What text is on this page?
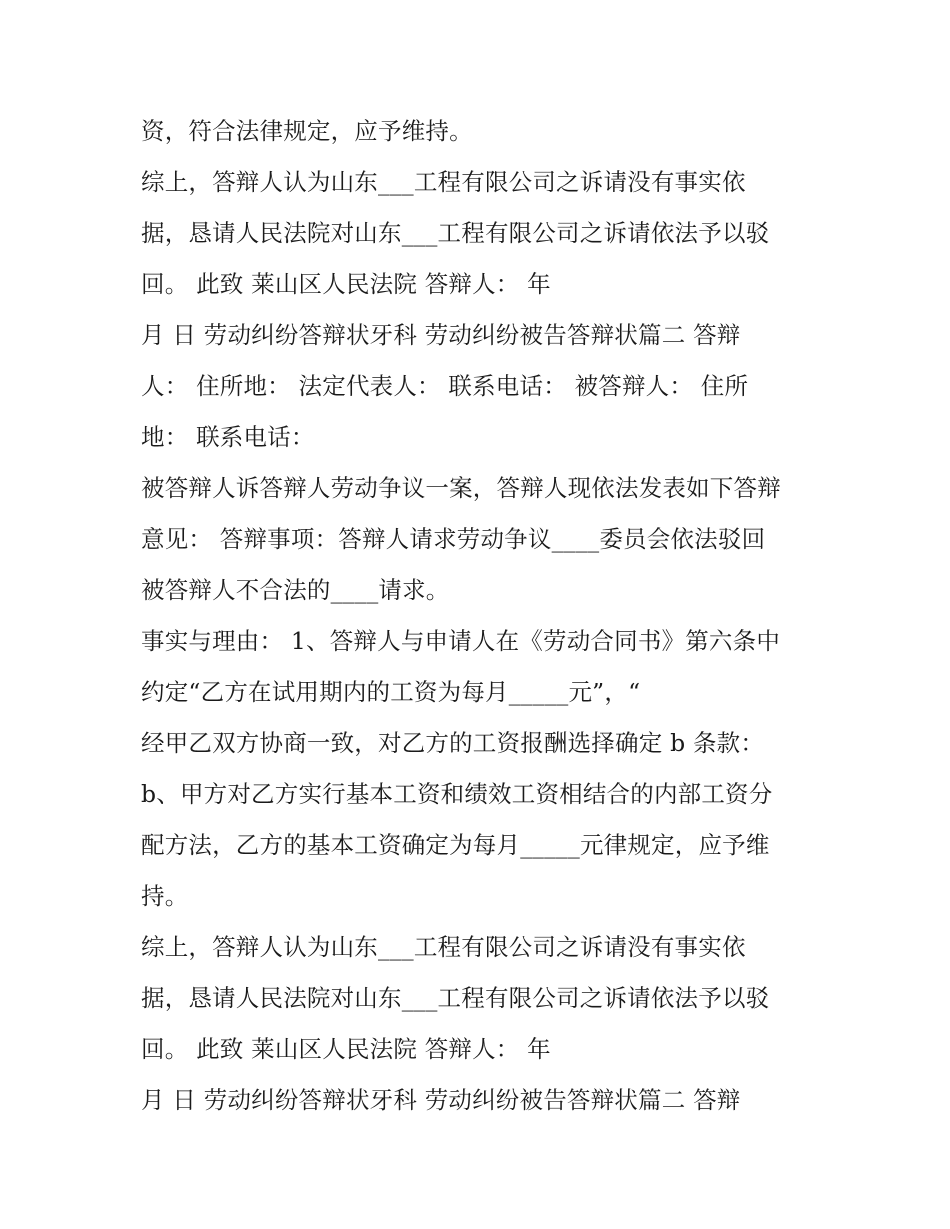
资，符合法律规定，应予维持。
综上，答辩人认为山东___工程有限公司之诉请没有事实依
据，恳请人民法院对山东___工程有限公司之诉请依法予以驳
回。 此致 莱山区人民法院 答辩人： 年
月 日 劳动纠纷答辩状牙科 劳动纠纷被告答辩状篇二 答辩
人： 住所地： 法定代表人： 联系电话： 被答辩人： 住所
地： 联系电话：
被答辩人诉答辩人劳动争议一案，答辩人现依法发表如下答辩
意见： 答辩事项：答辩人请求劳动争议____委员会依法驳回
被答辩人不合法的____请求。
事实与理由： 1、答辩人与申请人在《劳动合同书》第六条中
约定“乙方在试用期内的工资为每月_____元”，“
经甲乙双方协商一致，对乙方的工资报酬选择确定 b 条款：
b、甲方对乙方实行基本工资和绩效工资相结合的内部工资分
配方法，乙方的基本工资确定为每月_____元律规定，应予维
持。
综上，答辩人认为山东___工程有限公司之诉请没有事实依
据，恳请人民法院对山东___工程有限公司之诉请依法予以驳
回。 此致 莱山区人民法院 答辩人： 年
月 日 劳动纠纷答辩状牙科 劳动纠纷被告答辩状篇二 答辩
